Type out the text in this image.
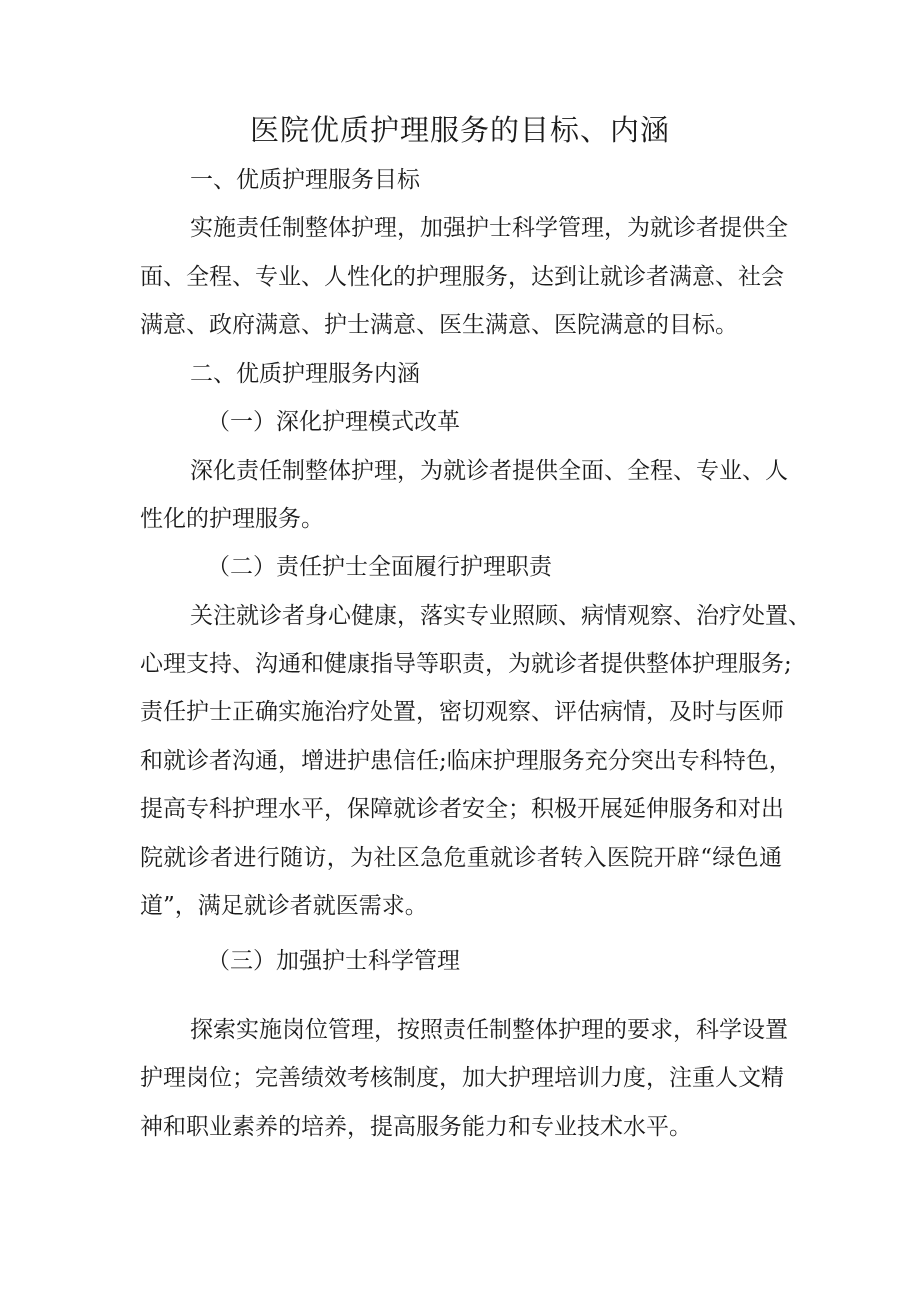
医院优质护理服务的目标、内涵
一、优质护理服务目标
实施责任制整体护理，加强护士科学管理，为就诊者提供全
面、全程、专业、人性化的护理服务，达到让就诊者满意、社会
满意、政府满意、护士满意、医生满意、医院满意的目标。
二、优质护理服务内涵
（一）深化护理模式改革
深化责任制整体护理，为就诊者提供全面、全程、专业、人
性化的护理服务。
（二）责任护士全面履行护理职责
关注就诊者身心健康，落实专业照顾、病情观察、治疗处置、
心理支持、沟通和健康指导等职责，为就诊者提供整体护理服务;
责任护士正确实施治疗处置，密切观察、评估病情，及时与医师
和就诊者沟通，增进护患信任;临床护理服务充分突出专科特色，
提高专科护理水平，保障就诊者安全；积极开展延伸服务和对出
院就诊者进行随访，为社区急危重就诊者转入医院开辟“绿色通
道”，满足就诊者就医需求。
（三）加强护士科学管理
探索实施岗位管理，按照责任制整体护理的要求，科学设置
护理岗位；完善绩效考核制度，加大护理培训力度，注重人文精
神和职业素养的培养，提高服务能力和专业技术水平。
